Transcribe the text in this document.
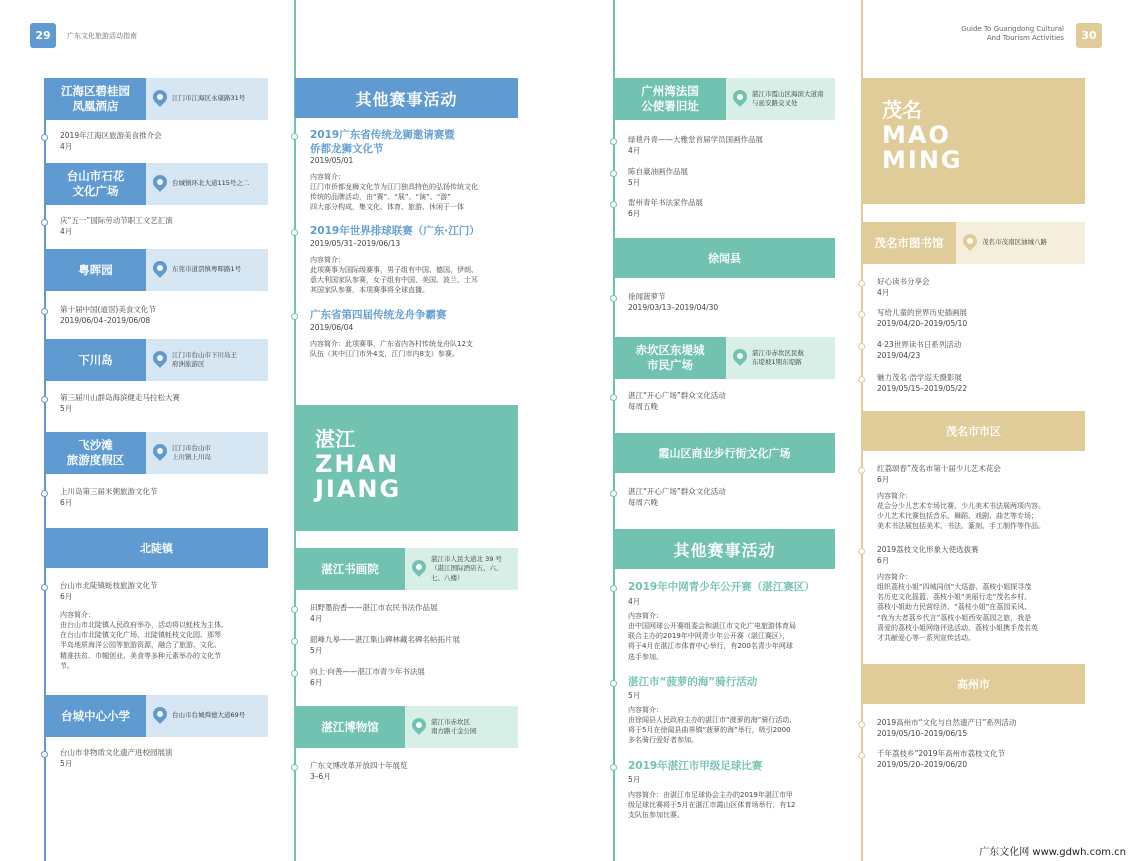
29	广东文化旅游活动指南
Guide To Guangdong Cultural
And Tourism Activities	30
江海区碧桂园
凤凰酒店
江门市江海区永康路31号
2019年江海区旅游美食推介会
4月
台山市石花
文化广场
台城镇环北大道115号之二
庆“五一”国际劳动节职工文艺汇演
4月
粤晖园	东莞市道滘镇粤晖路1号
第十届中国(道滘)美食文化节
2019/06/04–2019/06/08
下川岛	江门市台山市下川岛王
府洲旅游区
第三届川山群岛海滨健走马拉松大赛
5月
飞沙滩
旅游度假区
江门市台山市
上川镇上川岛
上川岛第三届米粥旅游文化节
6月
北陡镇
台山市北陡镇蚝枝旅游文化节
6月
内容简介：
由台山市北陡镇人民政府举办，活动将以蚝枝为主体,
在台山市北陡镇文化广场、北陡镇蚝枝文化园、那琴
半岛地质海洋公园等旅游资源，融合了旅游、文化、
精准扶贫、巾帼创业、美食等多种元素举办的文化节
节。
台城中心小学	台山市台城舜德大道69号
台山市非物质文化遗产进校园展演
5月
其他赛事活动
2019广东省传统龙狮邀请赛暨
侨都龙狮文化节
2019/05/01
内容简介：
江门市侨都龙狮文化节为江门独具特色的弘扬传统文化
传统的品牌活动，由“赛”、“展”、“演”、“游”
四大部分构成，集文化、体育、旅游、休闲于一体
2019年世界排球联赛（广东·江门）
2019/05/31–2019/06/13
内容简介：
此项赛事为国际级赛事，男子组有中国、德国、伊朗、
意大利国家队参赛，女子组有中国、美国、波兰、土耳
其国家队参赛，本项赛事将全球直播。
广东省第四届传统龙舟争霸赛
2019/06/04
内容简介：此项赛事，广东省内各村传统龙舟队12支
队伍（其中江门市外4支，江门市内8支）参赛。
湛江
ZHAN
JIANG
湛江书画院
湛江市人民大道北 39 号
（湛江国际酒店五、六、七、八楼）
田野墨韵香——湛江市农民书法作品展
4月
韶峰九皋——湛江集山碑林藏名碑名帖拓片展
5月
向上·向善——湛江市青少年书法展
6月
湛江博物馆	湛江市赤坎区
南方路寸金公园
广东文博改革开放四十年展览
3–6月
广州湾法国
公使署旧址
湛江市霞山区海滨大道南
与延安路交叉处
绿毯丹青——大雅堂首届学员国画作品展
4月
陈自豪油画作品展
5月
雷州青年书法家作品展
6月
徐闻县
徐闻菠萝节
2019/03/13–2019/04/30
赤坎区东堤城
市民广场
湛江市赤坎区民航
东堤坡1期东堤路
湛江“开心广场”群众文化活动
每周五晚
霞山区商业步行街文化广场
湛江“开心广场”群众文化活动
每周六晚
其他赛事活动
2019年中网青少年公开赛（湛江赛区）
4月
内容简介：
由中国网球公开赛组委会和湛江市文化广电旅游体育局
联合主办的2019年中网青少年公开赛（湛江赛区），
将于4月在湛江市体育中心举行，有200名青少年网球
选手参加。
湛江市“菠萝的海”骑行活动
5月
内容简介：
由徐闻县人民政府主办的湛江市“菠萝的海”骑行活动,
将于5月在徐闻县曲界镇“菠萝的海”举行，吸引2000
多名骑行爱好者参加。
2019年湛江市甲级足球比赛
5月
内容简介：由湛江市足球协会主办的2019年湛江市甲
级足球比赛将于5月在湛江市霞山区体育场举行，有12
支队伍参加比赛。
茂名
MAO
MING
茂名市图书馆	茂名市茂南区油城八路
好心读书分享会
4月
写给儿童的世界历史插画展
2019/04/20–2019/05/10
4·23世界读书日系列活动
2019/04/23
魅力茂名·浩学巡天摄影展
2019/05/15–2019/05/22
茂名市市区
红荔颂春”茂名市第十届少儿艺术花会
6月
内容简介：
花会分少儿艺术专场比赛、少儿美术书法展两项内容。
少儿艺术比赛包括音乐、舞蹈、戏剧、曲艺等专场；
美术书法展包括美术、书法、篆刻、手工制作等作品。
2019荔枝文化形象大使选拔赛
6月
内容简介：
组织荔枝小姐“四城同创”大巡游、荔枝小姐探寻茂
名历史文化摇篮、荔枝小姐“美丽行走”茂名乡村、
荔枝小姐助力民营经济、“荔枝小姐”在荔园采风、
“我为大者荔乡代言”荔枝小姐西安荔园之旅，我是
喜爱的荔枝小姐网络评选活动、荔枝小姐携手茂名英
才共献爱心等一系列宣传活动。
高州市
2019高州市“文化与自然遗产日”系列活动
2019/05/10–2019/06/15
千年荔枝乡”2019年高州市荔枝文化节
2019/05/20–2019/06/20
广东文化网 www.gdwh.com.cn
